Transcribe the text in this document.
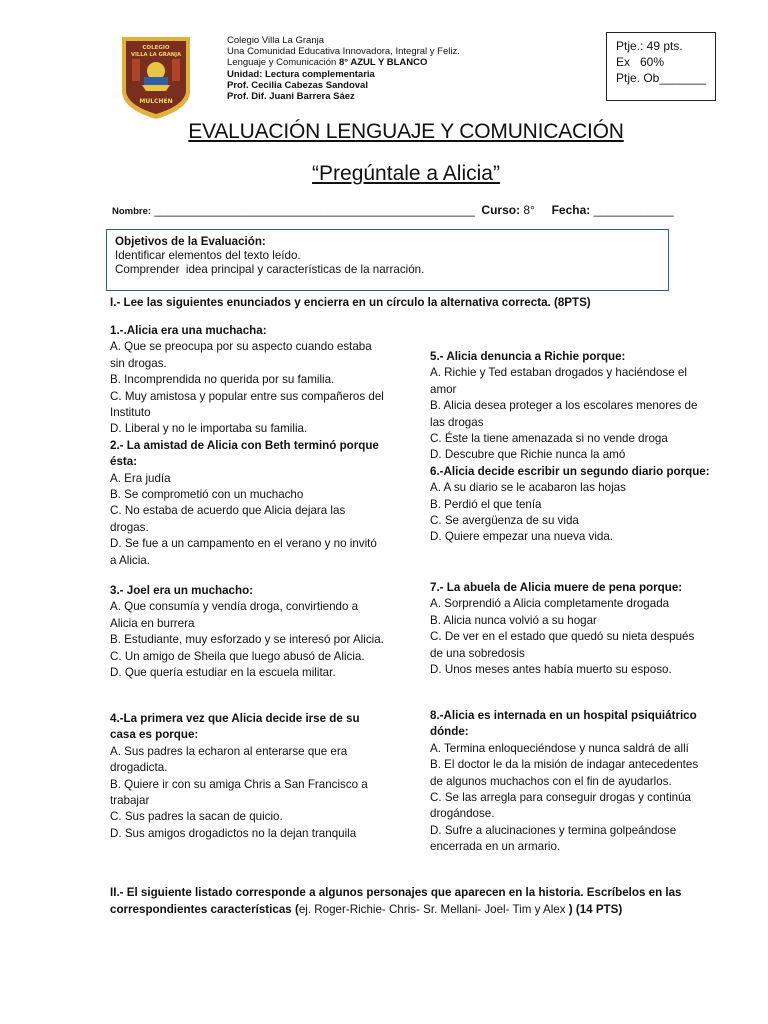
COLEGIO
VILLA LA GRANJA
MULCHEN
Colegio Villa La Granja
Una Comunidad Educativa Innovadora, Integral y Feliz.
Lenguaje y Comunicación 8° AZUL Y BLANCO
Unidad: Lectura complementaria
Prof. Cecilia Cabezas Sandoval
Prof. Dif. Juani Barrera Sáez
Ptje.: 49 pts.
Ex   60%
Ptje. Ob_______
EVALUACIÓN LENGUAJE Y COMUNICACIÓN
“Pregúntale a Alicia”
Nombre: ________________________________________________  Curso: 8° Fecha: ____________
Objetivos de la Evaluación:
Identificar elementos del texto leído.
Comprender  idea principal y características de la narración.
I.- Lee las siguientes enunciados y encierra en un círculo la alternativa correcta. (8PTS)

1.-.Alicia era una muchacha:

A. Que se preocupa por su aspecto cuando estaba sin drogas.

B. Incomprendida no querida por su familia.

C. Muy amistosa y popular entre sus compañeros del Instituto

D. Liberal y no le importaba su familia.

2.- La amistad de Alicia con Beth terminó porque ésta:

A. Era judía

B. Se comprometió con un muchacho

C. No estaba de acuerdo que Alicia dejara las drogas.

D. Se fue a un campamento en el verano y no invitó a Alicia.

3.- Joel era un muchacho:

A. Que consumía y vendía droga, convirtiendo a Alicia en burrera

B. Estudiante, muy esforzado y se interesó por Alicia.

C. Un amigo de Sheila que luego abusó de Alicia.

D. Que quería estudiar en la escuela militar.

4.-La primera vez que Alicia decide irse de su casa es porque:

A. Sus padres la echaron al enterarse que era drogadicta.

B. Quiere ir con su amiga Chris a San Francisco a trabajar

C. Sus padres la sacan de quicio.

D. Sus amigos drogadictos no la dejan tranquila

5.- Alicia denuncia a Richie porque:

A. Richie y Ted estaban drogados y haciéndose el amor

B. Alicia desea proteger a los escolares menores de las drogas

C. Éste la tiene amenazada si no vende droga

D. Descubre que Richie nunca la amó

6.-Alicia decide escribir un segundo diario porque:

A. A su diario se le acabaron las hojas

B. Perdió el que tenía

C. Se avergüenza de su vida

D. Quiere empezar una nueva vida.

7.- La abuela de Alicia muere de pena porque:

A. Sorprendió a Alicia completamente drogada

B. Alicia nunca volvió a su hogar

C. De ver en el estado que quedó su nieta después de una sobredosis

D. Unos meses antes había muerto su esposo.

8.-Alicia es internada en un hospital psiquiátrico dónde:

A. Termina enloqueciéndose y nunca saldrá de allí

B. El doctor le da la misión de indagar antecedentes de algunos muchachos con el fin de ayudarlos.

C. Se las arregla para conseguir drogas y continúa drogándose.

D. Sufre a alucinaciones y termina golpeándose encerrada en un armario.

II.- El siguiente listado corresponde a algunos personajes que aparecen en la historia. Escríbelos en las correspondientes características (ej. Roger-Richie- Chris- Sr. Mellani- Joel- Tim y Alex ) (14 PTS)
